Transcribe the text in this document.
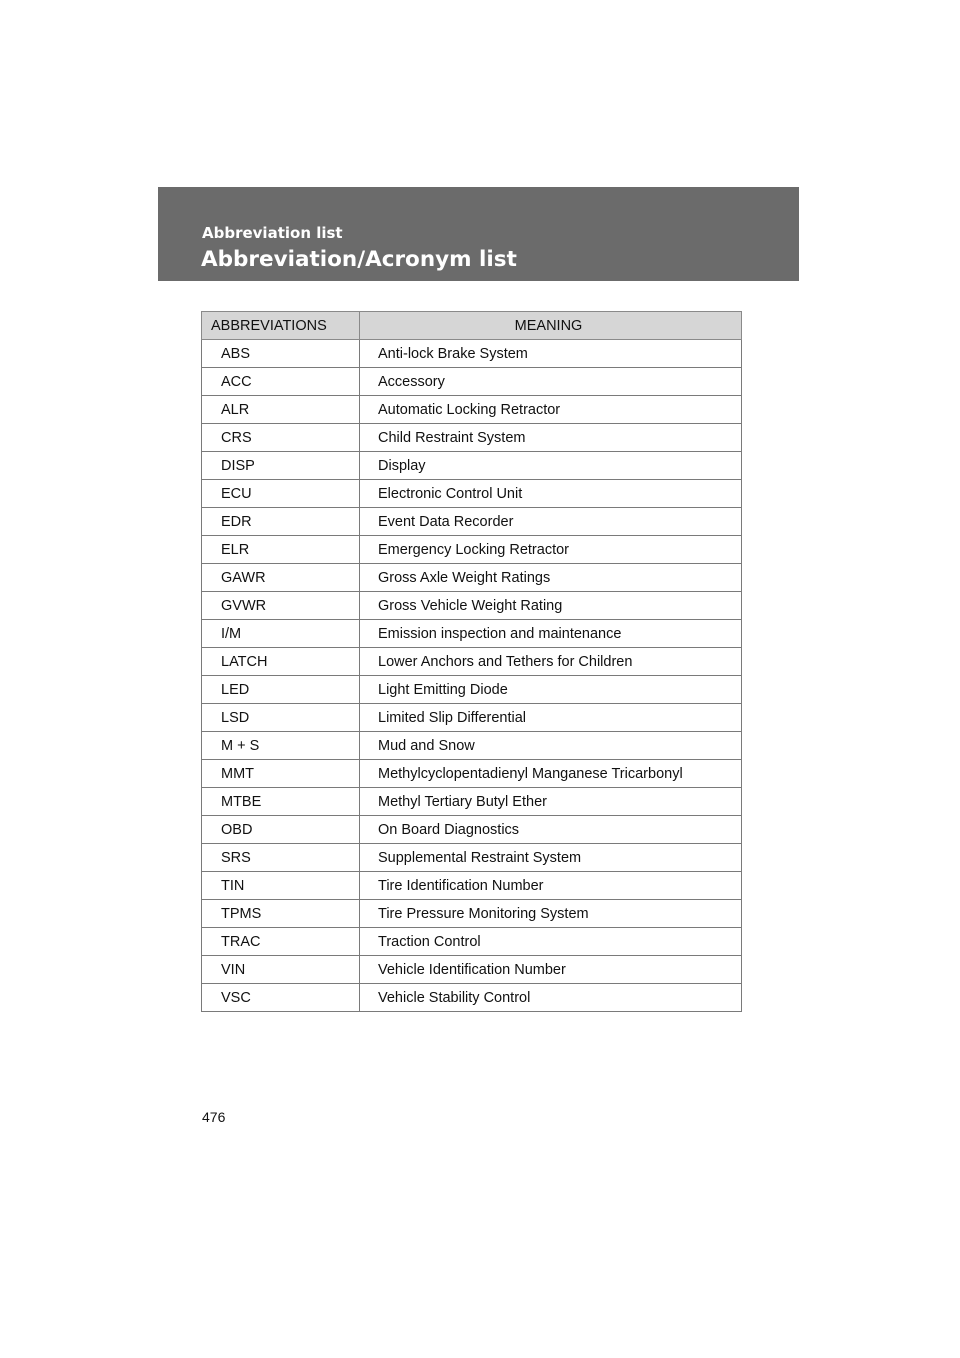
Abbreviation list
Abbreviation/Acronym list
ABBREVIATIONS	MEANING
ABS	Anti-lock Brake System
ACC	Accessory
ALR	Automatic Locking Retractor
CRS	Child Restraint System
DISP	Display
ECU	Electronic Control Unit
EDR	Event Data Recorder
ELR	Emergency Locking Retractor
GAWR	Gross Axle Weight Ratings
GVWR	Gross Vehicle Weight Rating
I/M	Emission inspection and maintenance
LATCH	Lower Anchors and Tethers for Children
LED	Light Emitting Diode
LSD	Limited Slip Differential
M + S	Mud and Snow
MMT	Methylcyclopentadienyl Manganese Tricarbonyl
MTBE	Methyl Tertiary Butyl Ether
OBD	On Board Diagnostics
SRS	Supplemental Restraint System
TIN	Tire Identification Number
TPMS	Tire Pressure Monitoring System
TRAC	Traction Control
VIN	Vehicle Identification Number
VSC	Vehicle Stability Control
476
